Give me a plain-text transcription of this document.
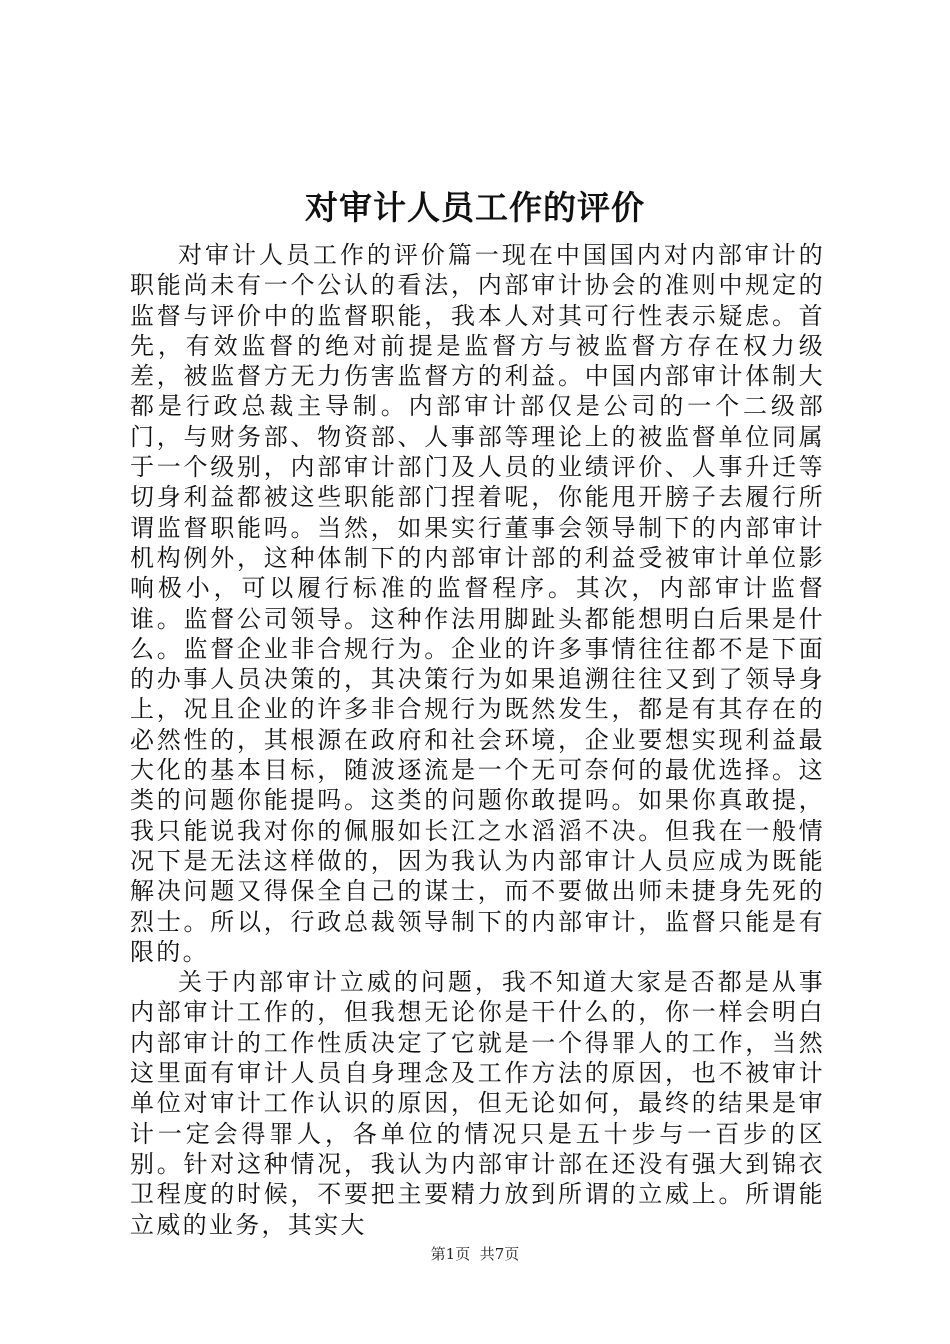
对审计人员工作的评价

对审计人员工作的评价篇一现在中国国内对内部审计的职能尚未有一个公认的看法，内部审计协会的准则中规定的监督与评价中的监督职能，我本人对其可行性表示疑虑。首先，有效监督的绝对前提是监督方与被监督方存在权力级差，被监督方无力伤害监督方的利益。中国内部审计体制大都是行政总裁主导制。内部审计部仅是公司的一个二级部门，与财务部、物资部、人事部等理论上的被监督单位同属于一个级别，内部审计部门及人员的业绩评价、人事升迁等切身利益都被这些职能部门捏着呢，你能甩开膀子去履行所谓监督职能吗。当然，如果实行董事会领导制下的内部审计机构例外，这种体制下的内部审计部的利益受被审计单位影响极小，可以履行标准的监督程序。其次，内部审计监督谁。监督公司领导。这种作法用脚趾头都能想明白后果是什么。监督企业非合规行为。企业的许多事情往往都不是下面的办事人员决策的，其决策行为如果追溯往往又到了领导身上，况且企业的许多非合规行为既然发生，都是有其存在的必然性的，其根源在政府和社会环境，企业要想实现利益最大化的基本目标，随波逐流是一个无可奈何的最优选择。这类的问题你能提吗。这类的问题你敢提吗。如果你真敢提，我只能说我对你的佩服如长江之水滔滔不决。但我在一般情况下是无法这样做的，因为我认为内部审计人员应成为既能解决问题又得保全自己的谋士，而不要做出师未捷身先死的烈士。所以，行政总裁领导制下的内部审计，监督只能是有限的。

关于内部审计立威的问题，我不知道大家是否都是从事内部审计工作的，但我想无论你是干什么的，你一样会明白内部审计的工作性质决定了它就是一个得罪人的工作，当然这里面有审计人员自身理念及工作方法的原因，也不被审计单位对审计工作认识的原因，但无论如何，最终的结果是审计一定会得罪人，各单位的情况只是五十步与一百步的区别。针对这种情况，我认为内部审计部在还没有强大到锦衣卫程度的时候，不要把主要精力放到所谓的立威上。所谓能立威的业务，其实大

第1页 共7页
